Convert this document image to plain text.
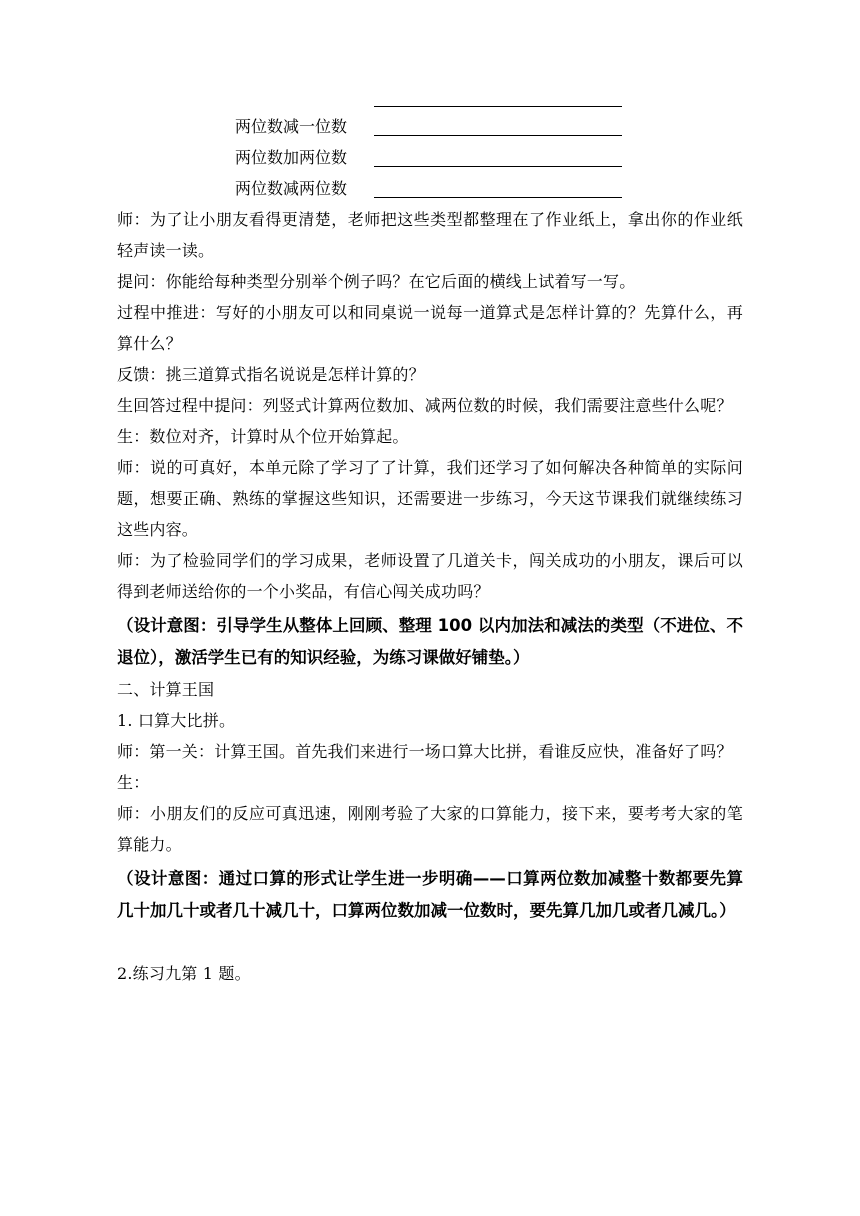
两位数减一位数
两位数加两位数
两位数减两位数

师：为了让小朋友看得更清楚，老师把这些类型都整理在了作业纸上，拿出你的作业纸轻声读一读。

提问：你能给每种类型分别举个例子吗？在它后面的横线上试着写一写。

过程中推进：写好的小朋友可以和同桌说一说每一道算式是怎样计算的？先算什么，再算什么？

反馈：挑三道算式指名说说是怎样计算的？

生回答过程中提问：列竖式计算两位数加、减两位数的时候，我们需要注意些什么呢？

生：数位对齐，计算时从个位开始算起。

师：说的可真好，本单元除了学习了了计算，我们还学习了如何解决各种简单的实际问题，想要正确、熟练的掌握这些知识，还需要进一步练习，今天这节课我们就继续练习这些内容。

师：为了检验同学们的学习成果，老师设置了几道关卡，闯关成功的小朋友，课后可以得到老师送给你的一个小奖品，有信心闯关成功吗？

（设计意图：引导学生从整体上回顾、整理 100 以内加法和减法的类型（不进位、不退位），激活学生已有的知识经验，为练习课做好铺垫。）

二、计算王国

1. 口算大比拼。

师：第一关：计算王国。首先我们来进行一场口算大比拼，看谁反应快，准备好了吗？

生：

师：小朋友们的反应可真迅速，刚刚考验了大家的口算能力，接下来，要考考大家的笔算能力。

（设计意图：通过口算的形式让学生进一步明确——口算两位数加减整十数都要先算几十加几十或者几十减几十，口算两位数加减一位数时，要先算几加几或者几减几。）

2.练习九第 1 题。
